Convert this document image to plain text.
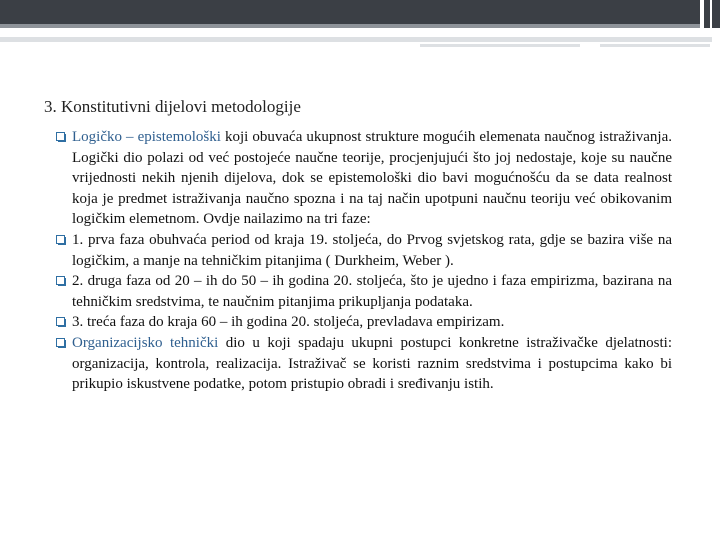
3. Konstitutivni dijelovi metodologije

Logičko – epistemološki koji obuvaća ukupnost strukture mogućih elemenata naučnog istraživanja. Logički dio polazi od već postojeće naučne teorije, procjenjujući što joj nedostaje, koje su naučne vrijednosti nekih njenih dijelova, dok se epistemološki dio bavi mogućnošću da se data realnost koja je predmet istraživanja naučno spozna i na taj način upotpuni naučnu teoriju već obikovanim logičkim elemetnom. Ovdje nailazimo na tri faze:

1. prva faza obuhvaća period od kraja 19. stoljeća, do Prvog svjetskog rata, gdje se bazira više na logičkim, a manje na tehničkim pitanjima ( Durkheim, Weber ).

2. druga faza od 20 – ih do 50 – ih godina 20. stoljeća, što je ujedno i faza empirizma, bazirana na tehničkim sredstvima, te naučnim pitanjima prikupljanja podataka.

3. treća faza do kraja 60 – ih godina 20. stoljeća, prevladava empirizam.

Organizacijsko tehnički dio u koji spadaju ukupni postupci konkretne istraživačke djelatnosti: organizacija, kontrola, realizacija. Istraživač se koristi raznim sredstvima i postupcima kako bi prikupio iskustvene podatke, potom pristupio obradi i sređivanju istih.
